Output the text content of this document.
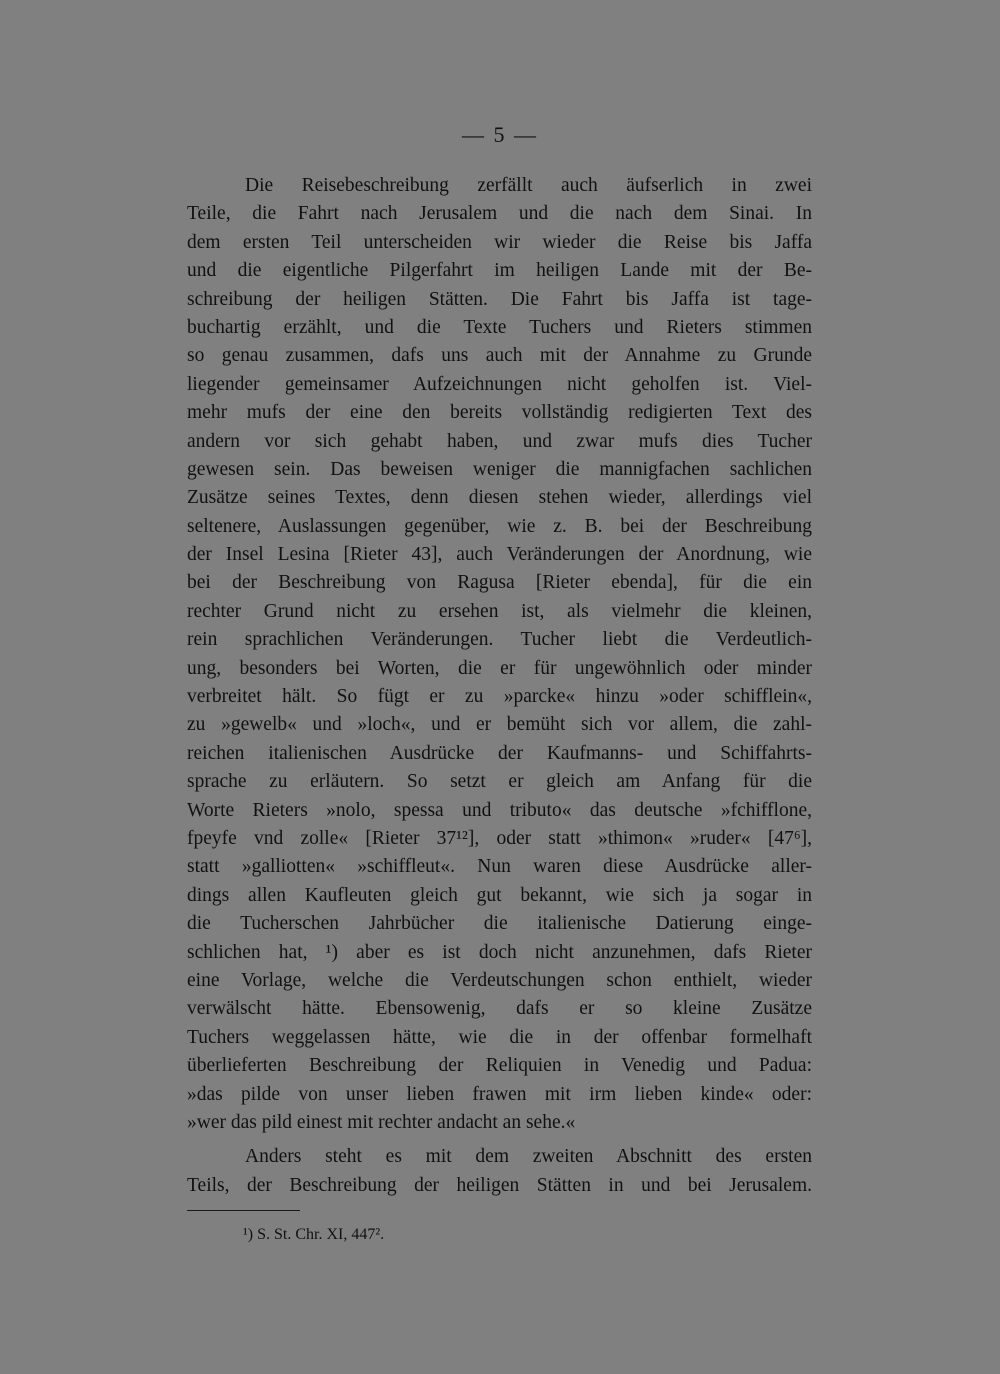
— 5 —
Die Reisebeschreibung zerfällt auch äufserlich in zwei
Teile, die Fahrt nach Jerusalem und die nach dem Sinai. In
dem ersten Teil unterscheiden wir wieder die Reise bis Jaffa
und die eigentliche Pilgerfahrt im heiligen Lande mit der Be-
schreibung der heiligen Stätten. Die Fahrt bis Jaffa ist tage-
buchartig erzählt, und die Texte Tuchers und Rieters stimmen
so genau zusammen, dafs uns auch mit der Annahme zu Grunde
liegender gemeinsamer Aufzeichnungen nicht geholfen ist. Viel-
mehr mufs der eine den bereits vollständig redigierten Text des
andern vor sich gehabt haben, und zwar mufs dies Tucher
gewesen sein. Das beweisen weniger die mannigfachen sachlichen
Zusätze seines Textes, denn diesen stehen wieder, allerdings viel
seltenere, Auslassungen gegenüber, wie z. B. bei der Beschreibung
der Insel Lesina [Rieter 43], auch Veränderungen der Anordnung, wie
bei der Beschreibung von Ragusa [Rieter ebenda], für die ein
rechter Grund nicht zu ersehen ist, als vielmehr die kleinen,
rein sprachlichen Veränderungen. Tucher liebt die Verdeutlich-
ung, besonders bei Worten, die er für ungewöhnlich oder minder
verbreitet hält. So fügt er zu »parcke« hinzu »oder schifflein«,
zu »gewelb« und »loch«, und er bemüht sich vor allem, die zahl-
reichen italienischen Ausdrücke der Kaufmanns- und Schiffahrts-
sprache zu erläutern. So setzt er gleich am Anfang für die
Worte Rieters »nolo, spessa und tributo« das deutsche »fchifflone,
fpeyfe vnd zolle« [Rieter 37¹²], oder statt »thimon« »ruder« [47⁶],
statt »galliotten« »schiffleut«. Nun waren diese Ausdrücke aller-
dings allen Kaufleuten gleich gut bekannt, wie sich ja sogar in
die Tucherschen Jahrbücher die italienische Datierung einge-
schlichen hat, ¹) aber es ist doch nicht anzunehmen, dafs Rieter
eine Vorlage, welche die Verdeutschungen schon enthielt, wieder
verwälscht hätte. Ebensowenig, dafs er so kleine Zusätze
Tuchers weggelassen hätte, wie die in der offenbar formelhaft
überlieferten Beschreibung der Reliquien in Venedig und Padua:
»das pilde von unser lieben frawen mit irm lieben kinde« oder:
»wer das pild einest mit rechter andacht an sehe.«
Anders steht es mit dem zweiten Abschnitt des ersten
Teils, der Beschreibung der heiligen Stätten in und bei Jerusalem.
¹) S. St. Chr. XI, 447².
